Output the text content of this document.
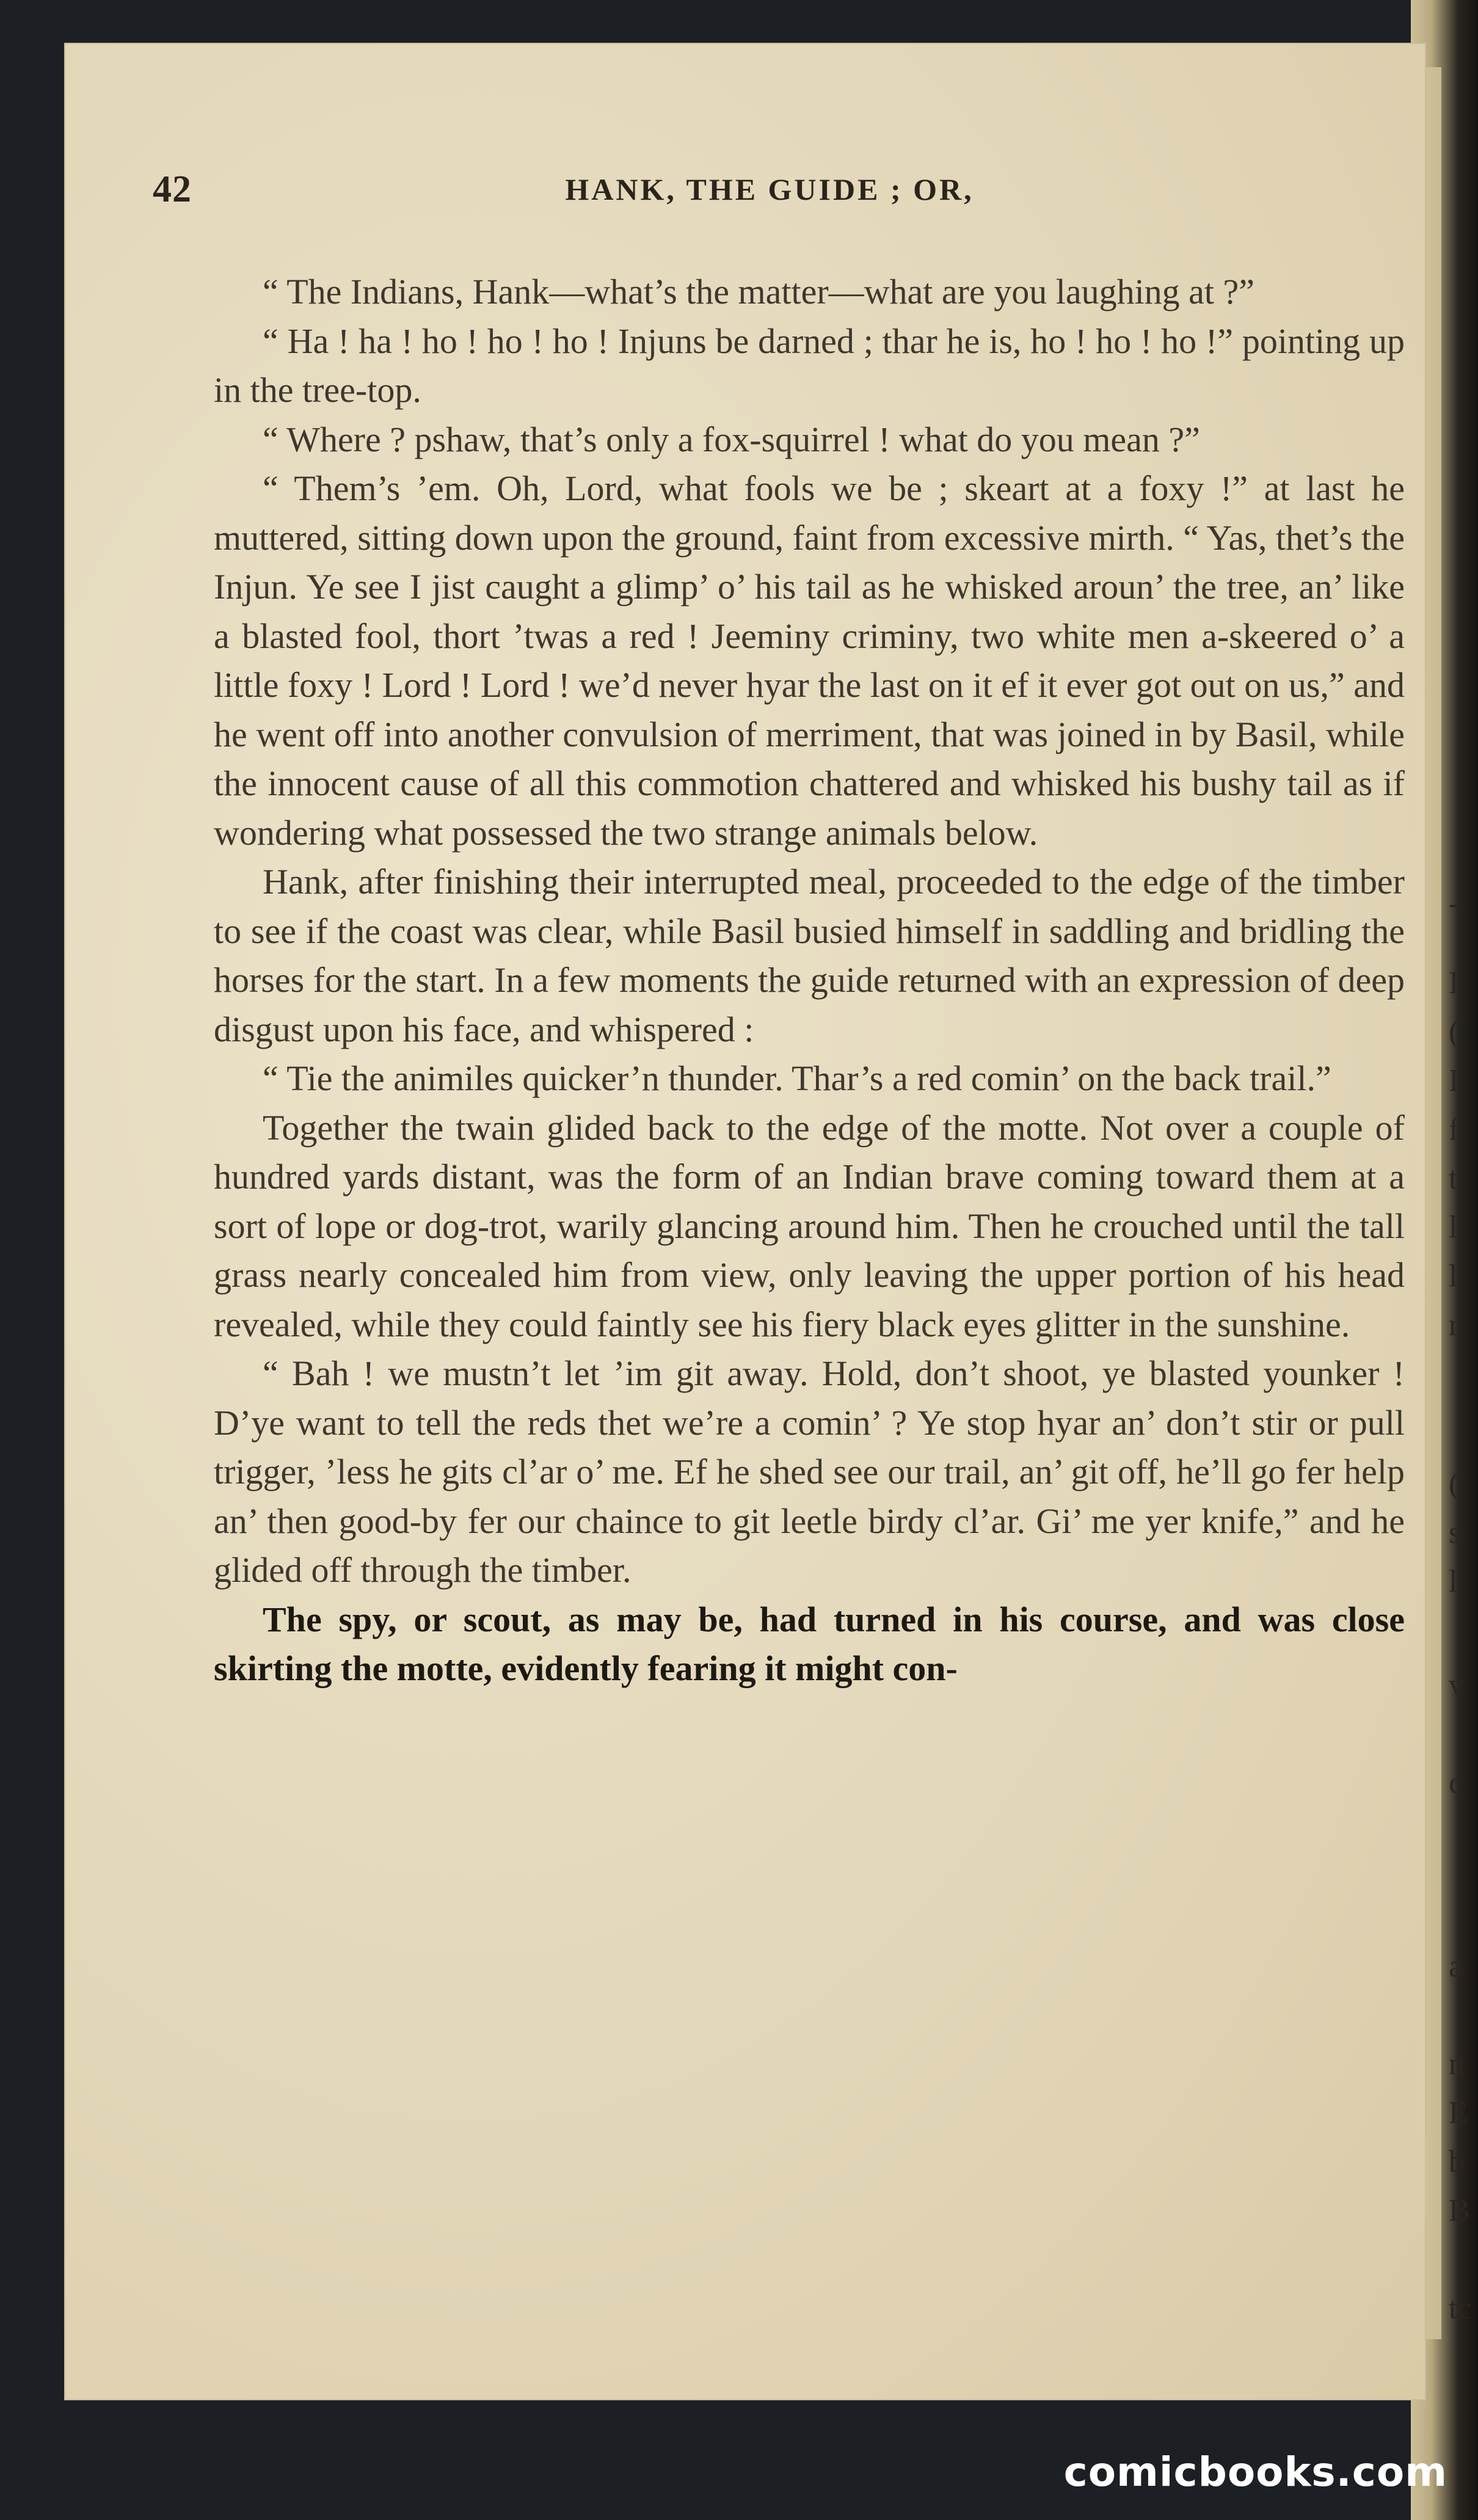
42	HANK, THE GUIDE ; OR,

“ The Indians, Hank—what’s the matter—what are you laughing at ?”

“ Ha ! ha ! ho ! ho ! ho ! Injuns be darned ; thar he is, ho ! ho ! ho !” pointing up in the tree-top.

“ Where ? pshaw, that’s only a fox-squirrel ! what do you mean ?”

“ Them’s ’em. Oh, Lord, what fools we be ; skeart at a foxy !” at last he muttered, sitting down upon the ground, faint from excessive mirth. “ Yas, thet’s the Injun. Ye see I jist caught a glimp’ o’ his tail as he whisked aroun’ the tree, an’ like a blasted fool, thort ’twas a red ! Jeeminy criminy, two white men a-skeered o’ a little foxy ! Lord ! Lord ! we’d never hyar the last on it ef it ever got out on us,” and he went off into another convulsion of merriment, that was joined in by Basil, while the innocent cause of all this commotion chattered and whisked his bushy tail as if wondering what possessed the two strange animals below.

Hank, after finishing their interrupted meal, proceeded to the edge of the timber to see if the coast was clear, while Basil busied himself in saddling and bridling the horses for the start. In a few moments the guide returned with an expression of deep disgust upon his face, and whispered :

“ Tie the animiles quicker’n thunder. Thar’s a red comin’ on the back trail.”

Together the twain glided back to the edge of the motte. Not over a couple of hundred yards distant, was the form of an Indian brave coming toward them at a sort of lope or dog-trot, warily glancing around him. Then he crouched until the tall grass nearly concealed him from view, only leaving the upper portion of his head revealed, while they could faintly see his fiery black eyes glitter in the sunshine.

“ Bah ! we mustn’t let ’im git away. Hold, don’t shoot, ye blasted younker ! D’ye want to tell the reds thet we’re a comin’ ? Ye stop hyar an’ don’t stir or pull trigger, ’less he gits cl’ar o’ me. Ef he shed see our trail, an’ git off, he’ll go fer help an’ then good-by fer our chaince to git leetle birdy cl’ar. Gi’ me yer knife,” and he glided off through the timber.

The spy, or scout, as may be, had turned in his course, and was close skirting the motte, evidently fearing it might con-

-
I
(
I
f
t
l
l
r
(
s
l
v
c
a
n
E
b
B
tc
comicbooks.com
